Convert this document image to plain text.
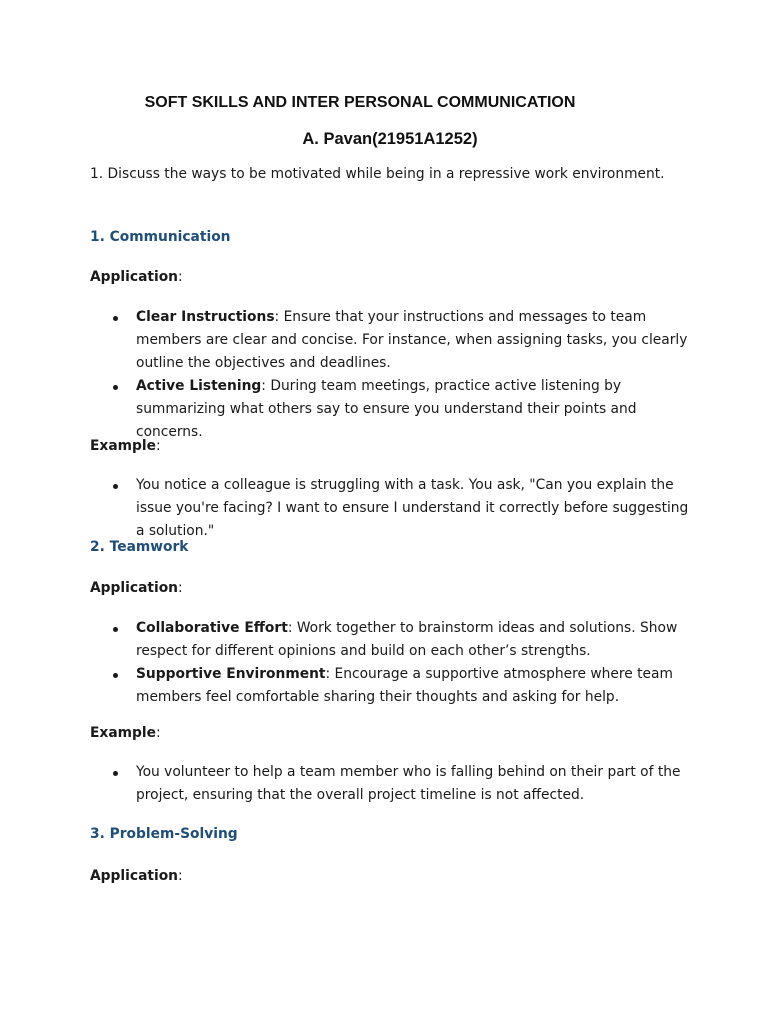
SOFT SKILLS AND INTER PERSONAL COMMUNICATION
A. Pavan(21951A1252)
1. Discuss the ways to be motivated while being in a repressive work environment.
1. Communication
Application:
Clear Instructions: Ensure that your instructions and messages to team members are clear and concise. For instance, when assigning tasks, you clearly outline the objectives and deadlines.
Active Listening: During team meetings, practice active listening by summarizing what others say to ensure you understand their points and concerns.
Example:
You notice a colleague is struggling with a task. You ask, "Can you explain the issue you're facing? I want to ensure I understand it correctly before suggesting a solution."
2. Teamwork
Application:
Collaborative Effort: Work together to brainstorm ideas and solutions. Show respect for different opinions and build on each other’s strengths.
Supportive Environment: Encourage a supportive atmosphere where team members feel comfortable sharing their thoughts and asking for help.
Example:
You volunteer to help a team member who is falling behind on their part of the project, ensuring that the overall project timeline is not affected.
3. Problem-Solving
Application:
